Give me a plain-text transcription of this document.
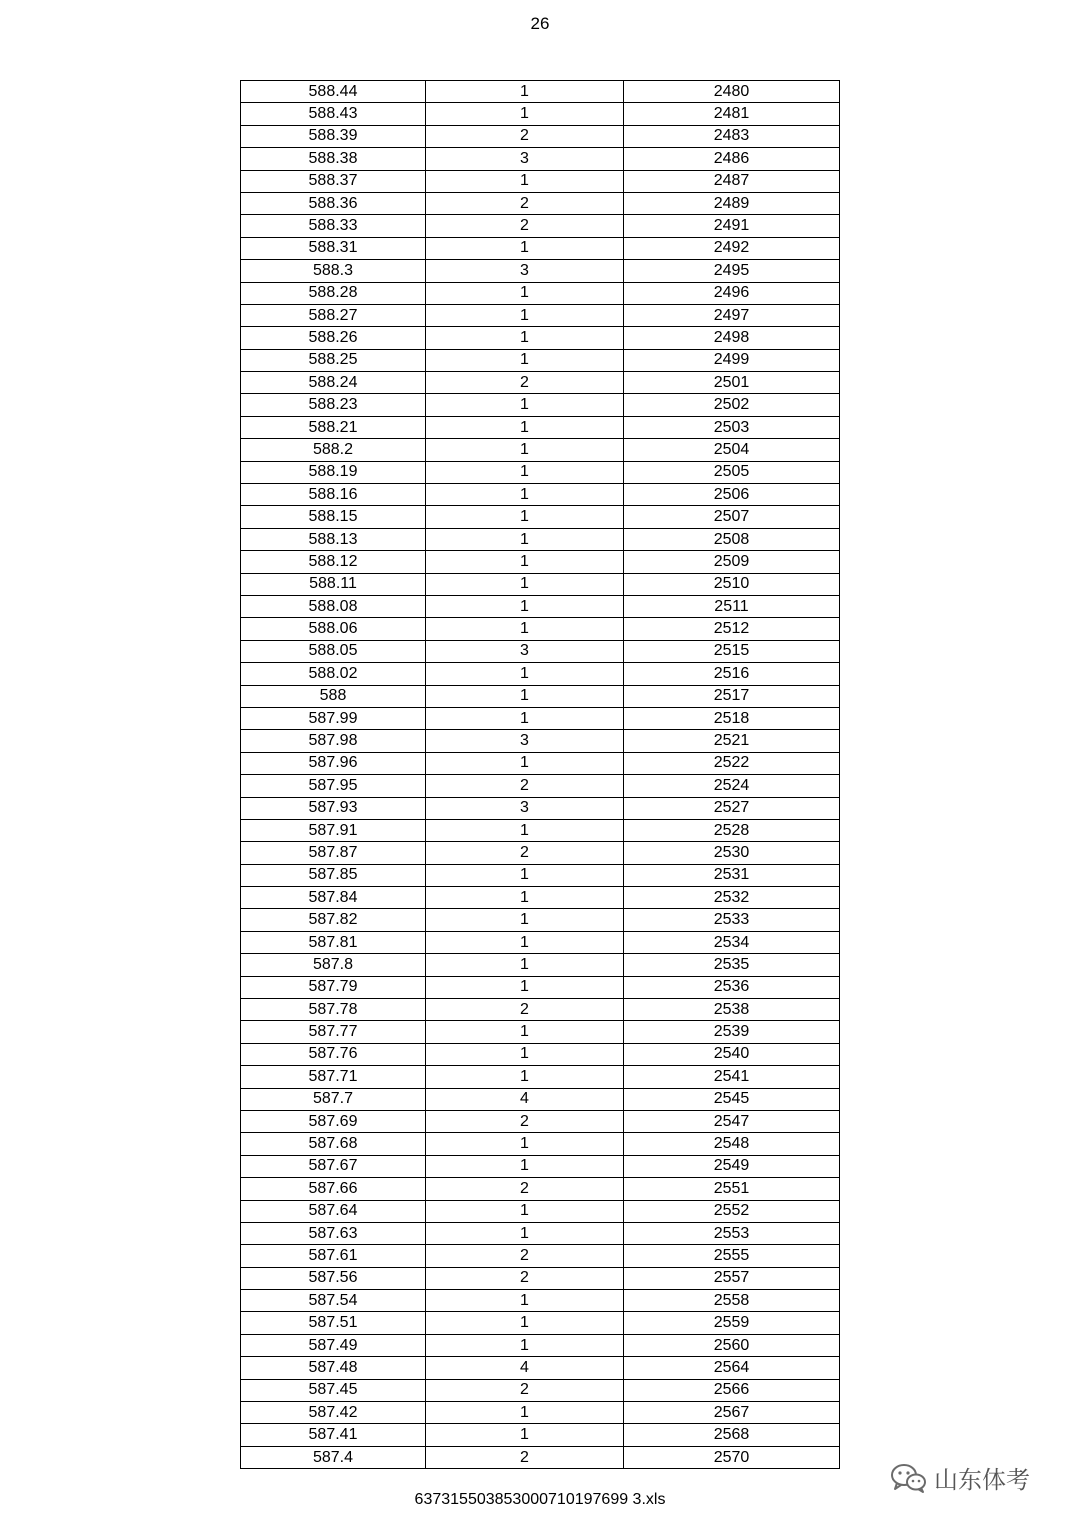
26
588.44	1	2480
588.43	1	2481
588.39	2	2483
588.38	3	2486
588.37	1	2487
588.36	2	2489
588.33	2	2491
588.31	1	2492
588.3	3	2495
588.28	1	2496
588.27	1	2497
588.26	1	2498
588.25	1	2499
588.24	2	2501
588.23	1	2502
588.21	1	2503
588.2	1	2504
588.19	1	2505
588.16	1	2506
588.15	1	2507
588.13	1	2508
588.12	1	2509
588.11	1	2510
588.08	1	2511
588.06	1	2512
588.05	3	2515
588.02	1	2516
588	1	2517
587.99	1	2518
587.98	3	2521
587.96	1	2522
587.95	2	2524
587.93	3	2527
587.91	1	2528
587.87	2	2530
587.85	1	2531
587.84	1	2532
587.82	1	2533
587.81	1	2534
587.8	1	2535
587.79	1	2536
587.78	2	2538
587.77	1	2539
587.76	1	2540
587.71	1	2541
587.7	4	2545
587.69	2	2547
587.68	1	2548
587.67	1	2549
587.66	2	2551
587.64	1	2552
587.63	1	2553
587.61	2	2555
587.56	2	2557
587.54	1	2558
587.51	1	2559
587.49	1	2560
587.48	4	2564
587.45	2	2566
587.42	1	2567
587.41	1	2568
587.4	2	2570
637315503853000710197699 3.xls
山东体考
